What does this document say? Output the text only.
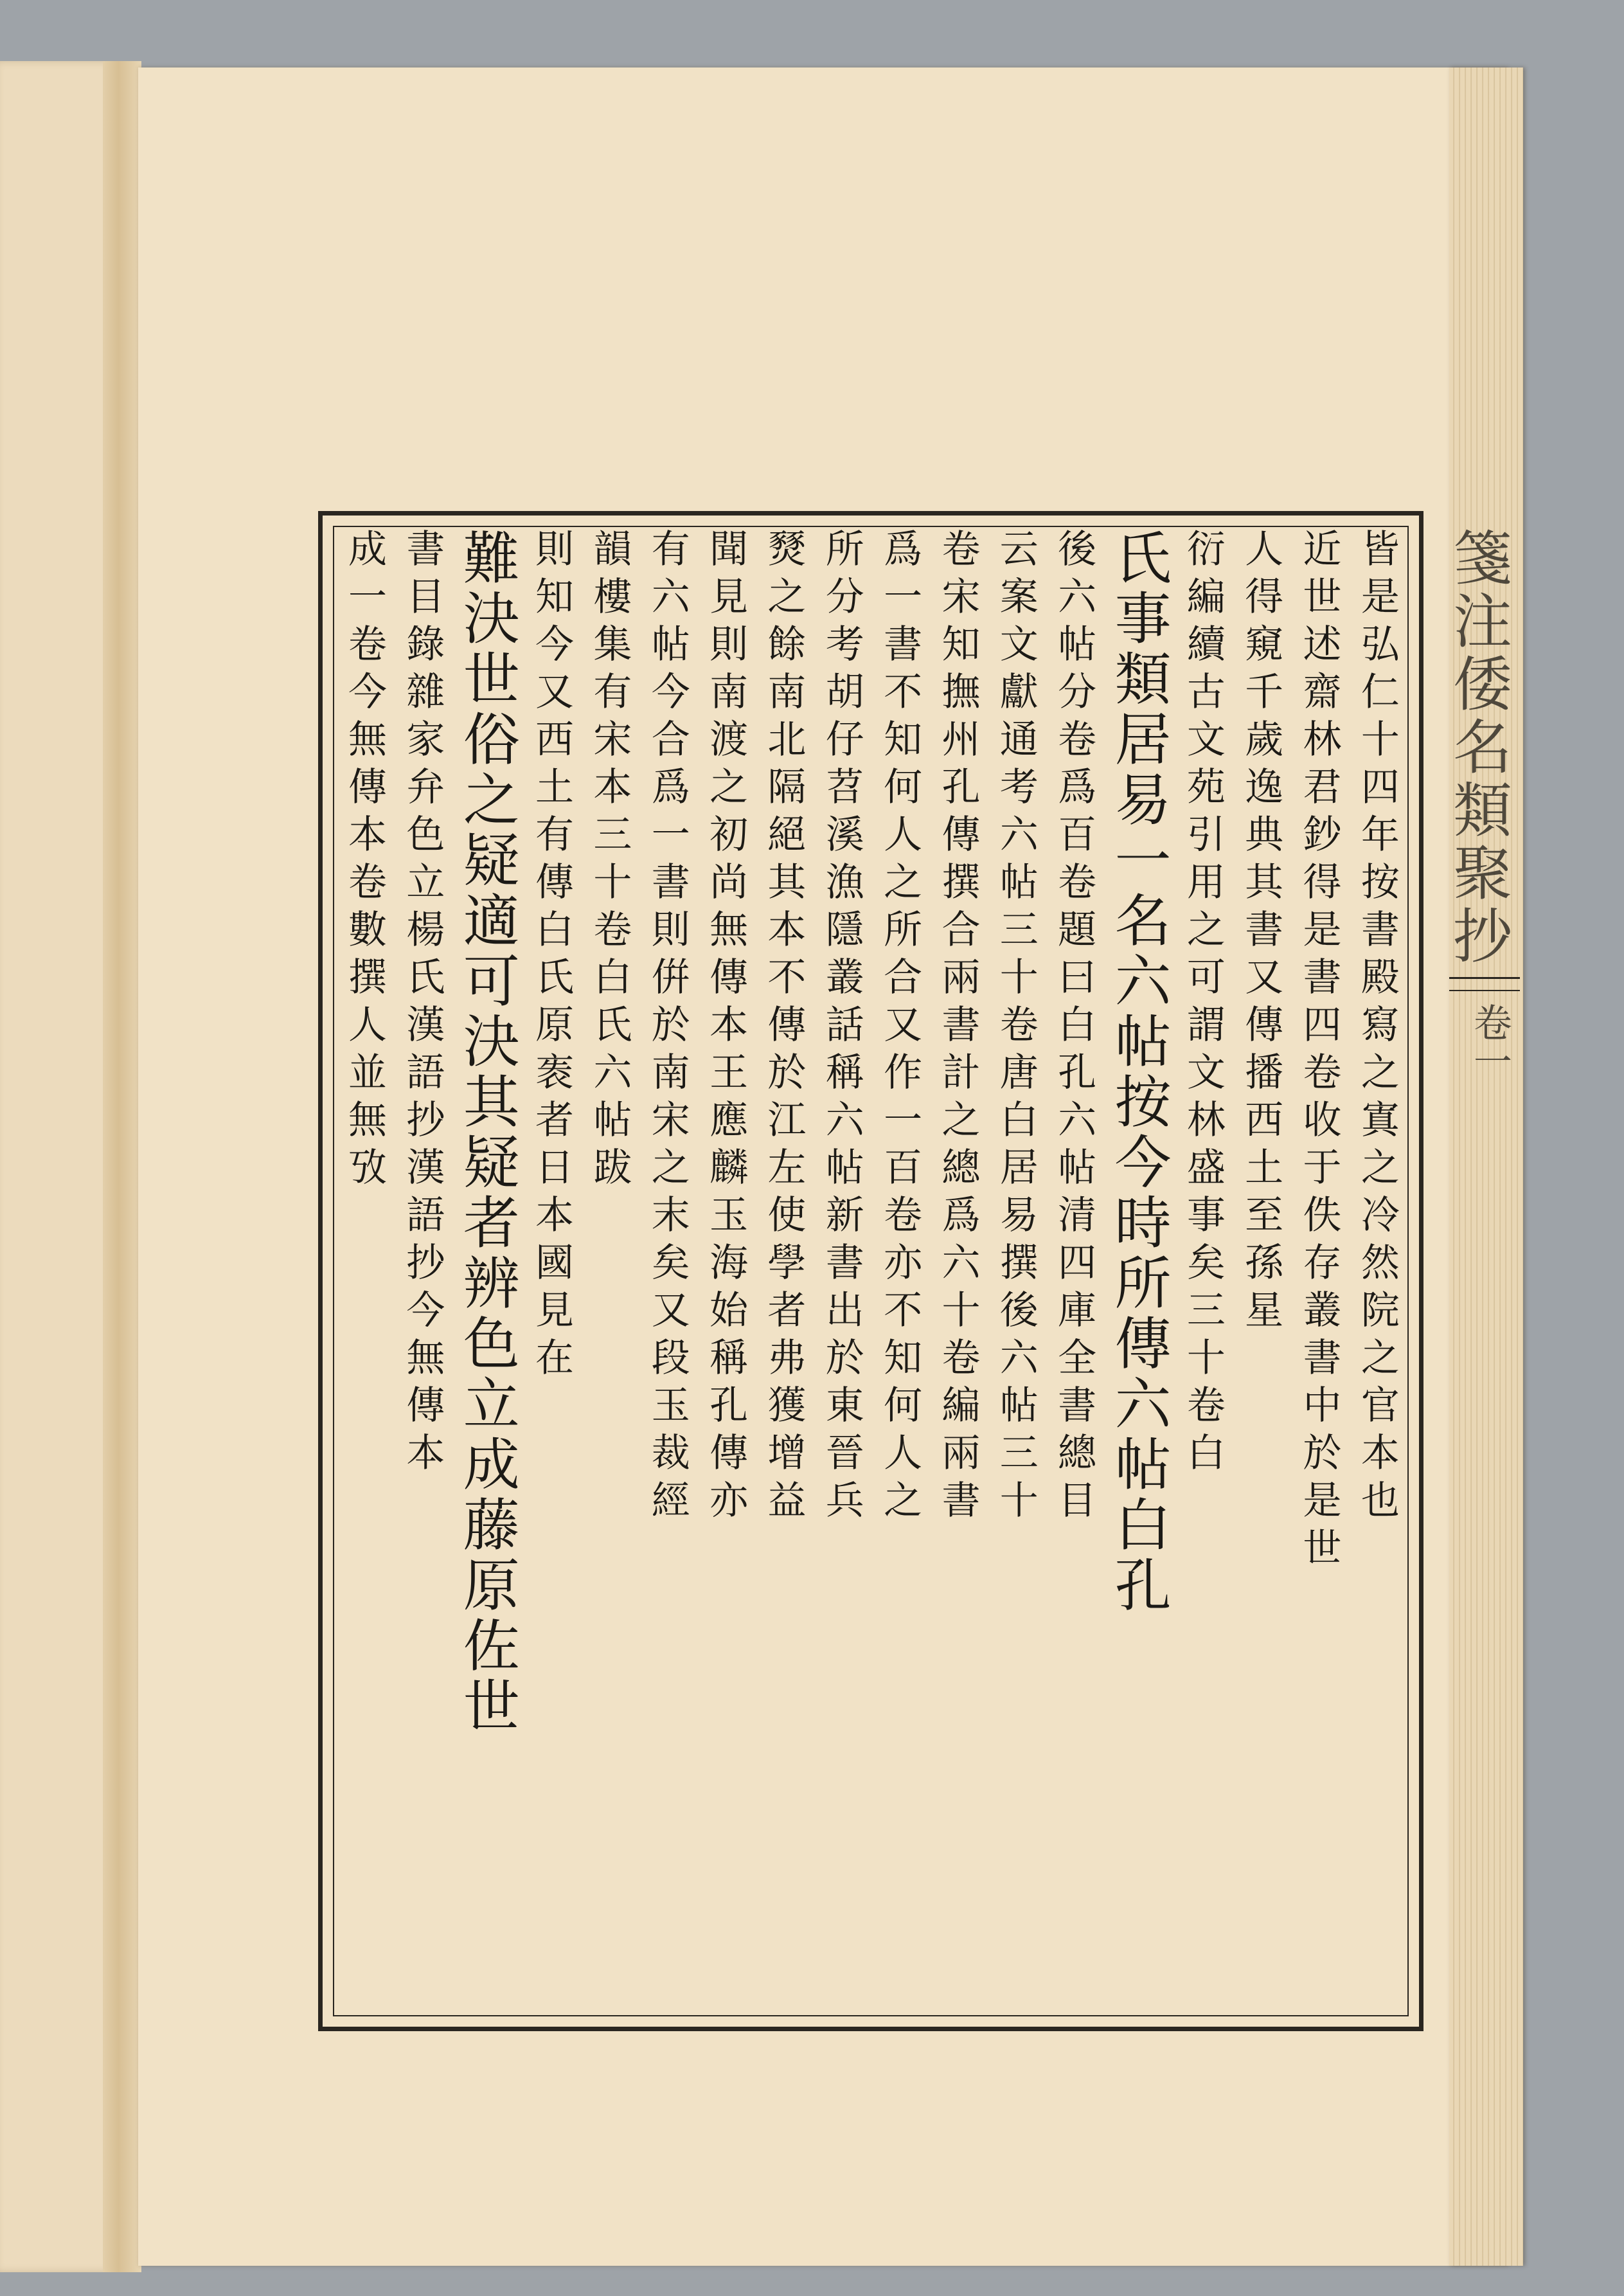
箋注倭名類聚抄
卷一
皆是弘仁十四年按書殿寫之寘之冷然院之官本也
近世述齋林君鈔得是書四卷收于佚存叢書中於是世
人得窺千歲逸典其書又傳播西土至孫星
衍編續古文苑引用之可謂文林盛事矣三十卷白
氏事類居易一名六帖按今時所傳六帖白孔
後六帖分卷爲百卷題曰白孔六帖清四庫全書總目
云案文獻通考六帖三十卷唐白居易撰後六帖三十
卷宋知撫州孔傳撰合兩書計之總爲六十卷編兩書
爲一書不知何人之所合又作一百卷亦不知何人之
所分考胡仔苕溪漁隱叢話稱六帖新書出於東晉兵
燹之餘南北隔絕其本不傳於江左使學者弗獲增益
聞見則南渡之初尚無傳本王應麟玉海始稱孔傳亦
有六帖今合爲一書則倂於南宋之末矣又段玉裁經
韻樓集有宋本三十卷白氏六帖跋
則知今又西土有傳白氏原袠者日本國見在
難決世俗之疑適可決其疑者辨色立成藤原佐世
書目錄雜家弁色立楊氏漢語抄漢語抄今無傳本
成一卷今無傳本卷數撰人並無攷
